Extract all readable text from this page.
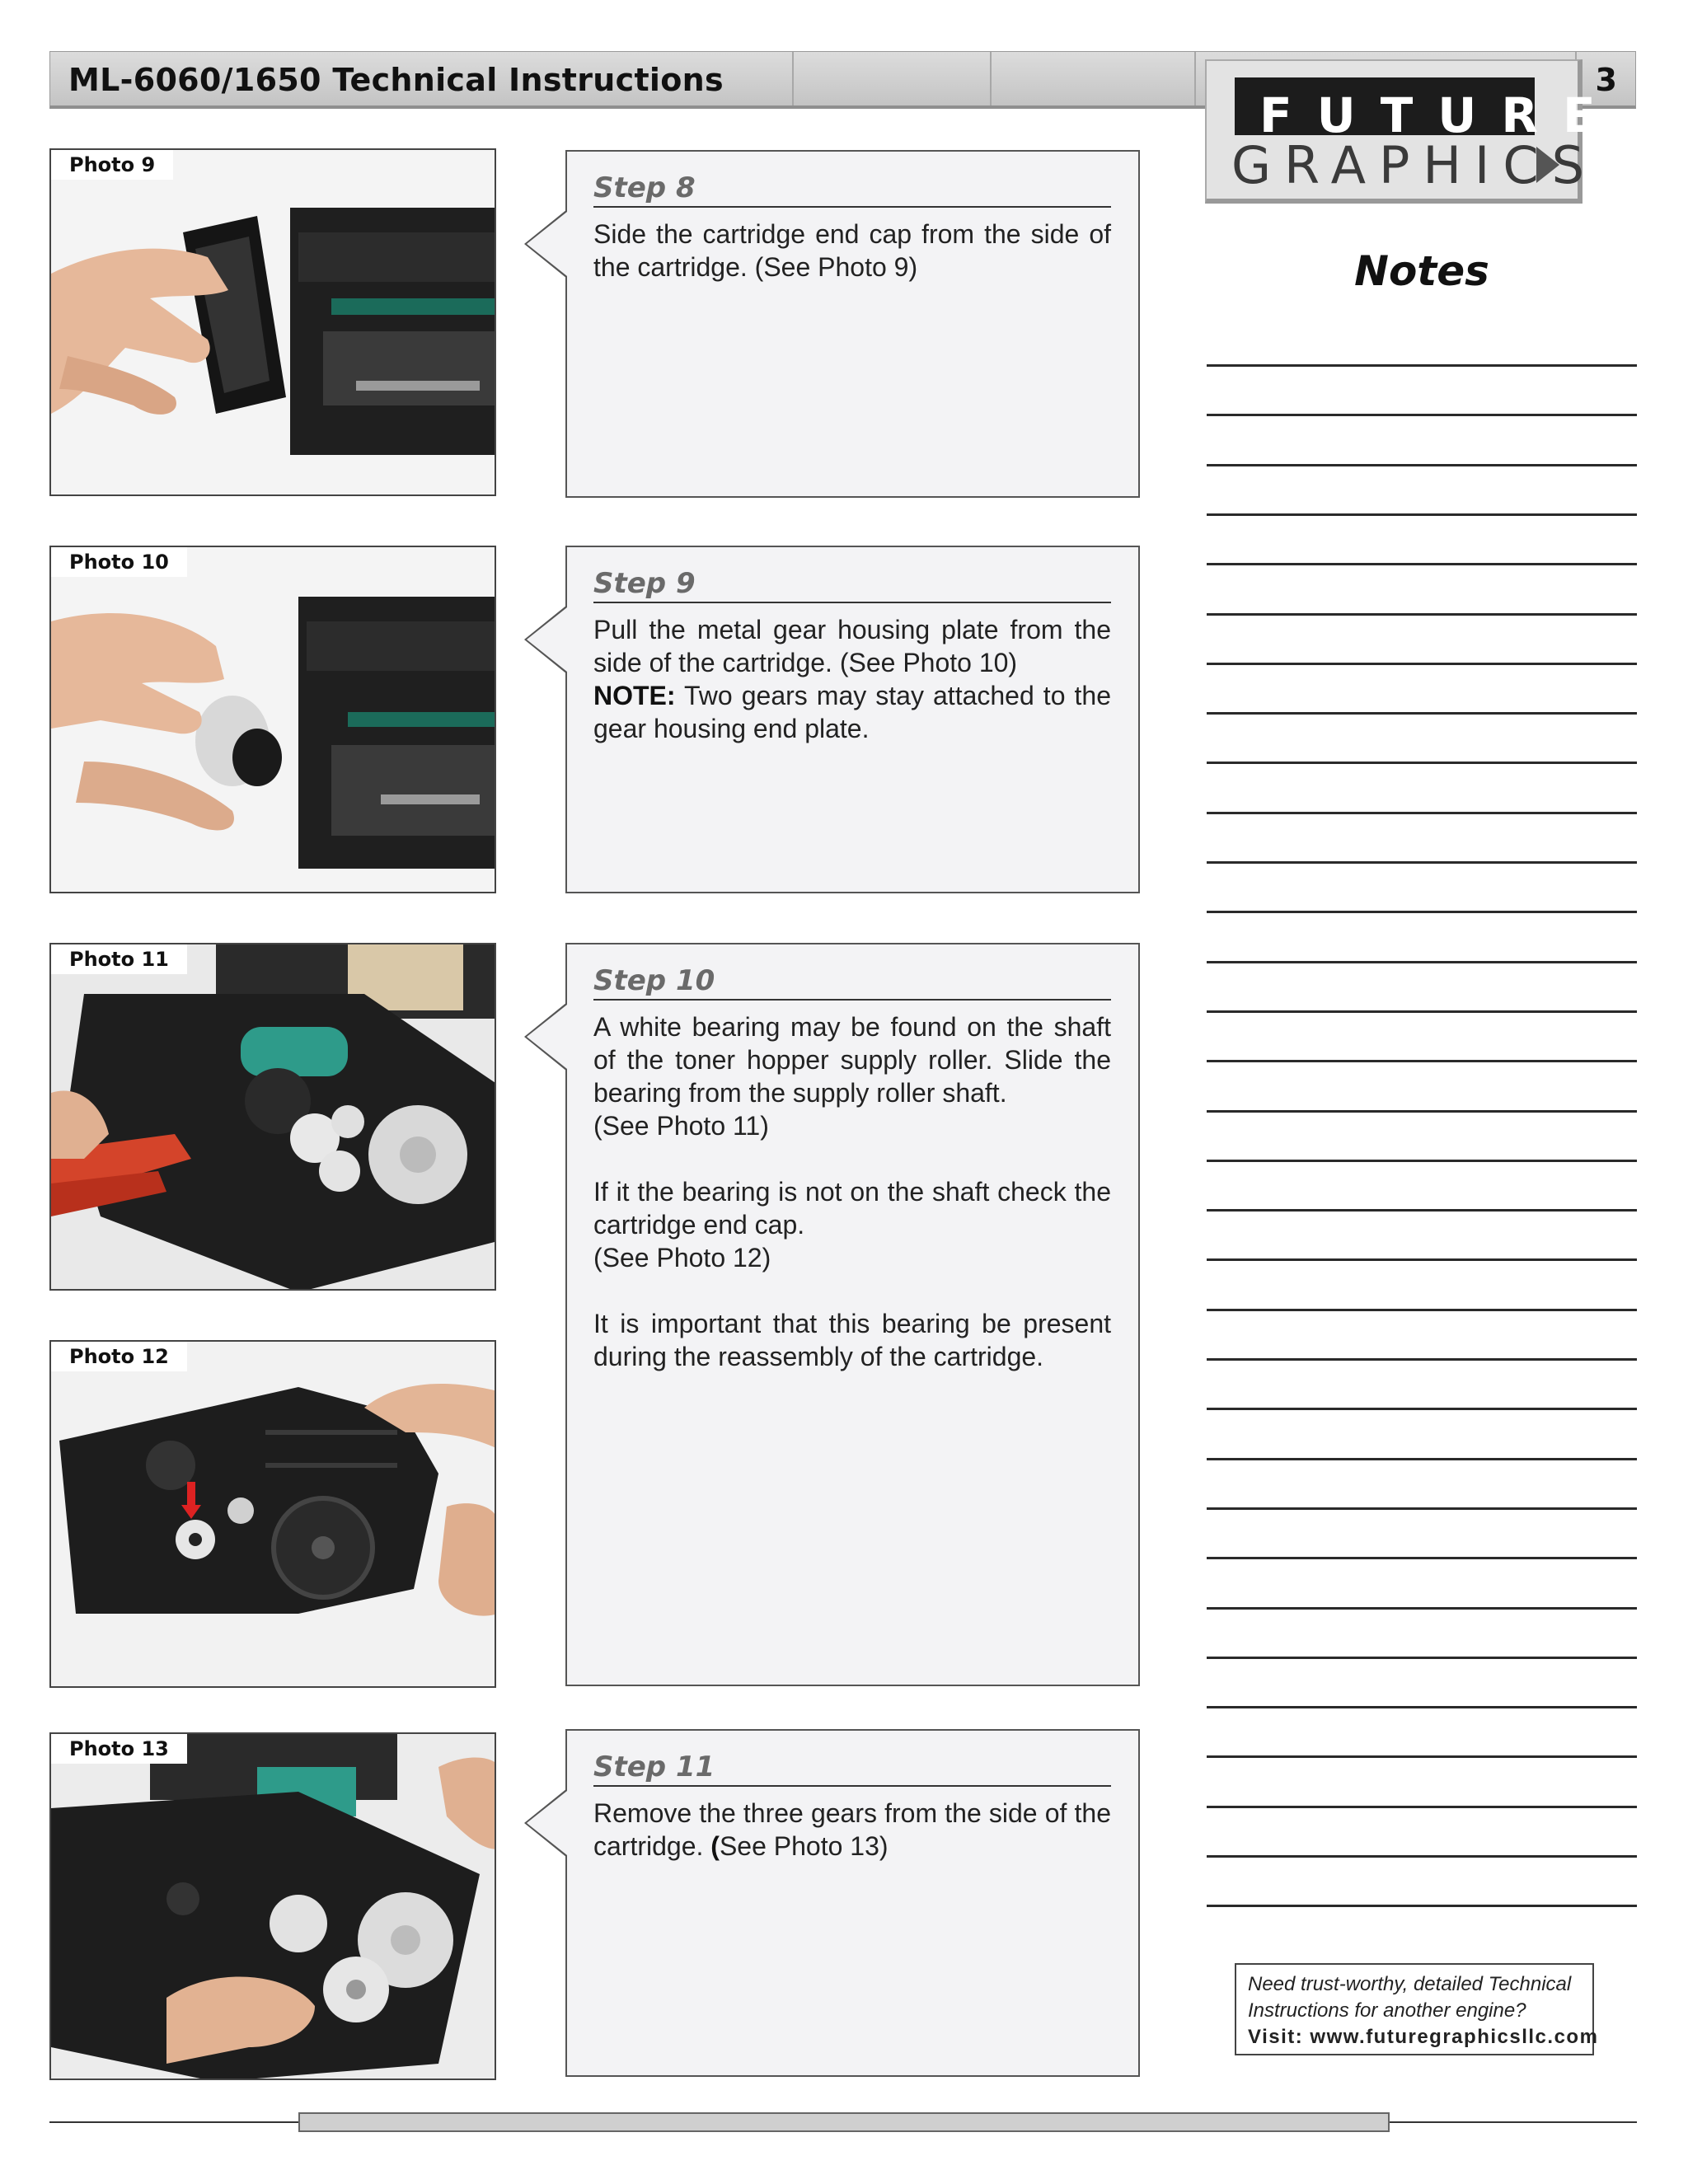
ML-6060/1650 Technical Instructions	3
FUTURE
GRAPHICS
Photo 9
Step 8

Side the cartridge end cap from the side of the cartridge. (See Photo 9)

Photo 10
Step 9

Pull the metal gear housing plate from the side of the cartridge. (See Photo 10)

NOTE: Two gears may stay attached to the gear housing end plate.

Photo 11
Step 10

A white bearing may be found on the shaft of the toner hopper supply roller. Slide the bearing from the supply roller shaft.

(See Photo 11)

If it the bearing is not on the shaft check the cartridge end cap.

(See Photo 12)

It is important that this bearing be present during the reassembly of the cartridge.

Photo 12
Photo 13
Step 11

Remove the three gears from the side of the cartridge. (See Photo 13)

Notes
Need trust-worthy, detailed Technical
Instructions for another engine?
Visit: www.futuregraphicsllc.com
